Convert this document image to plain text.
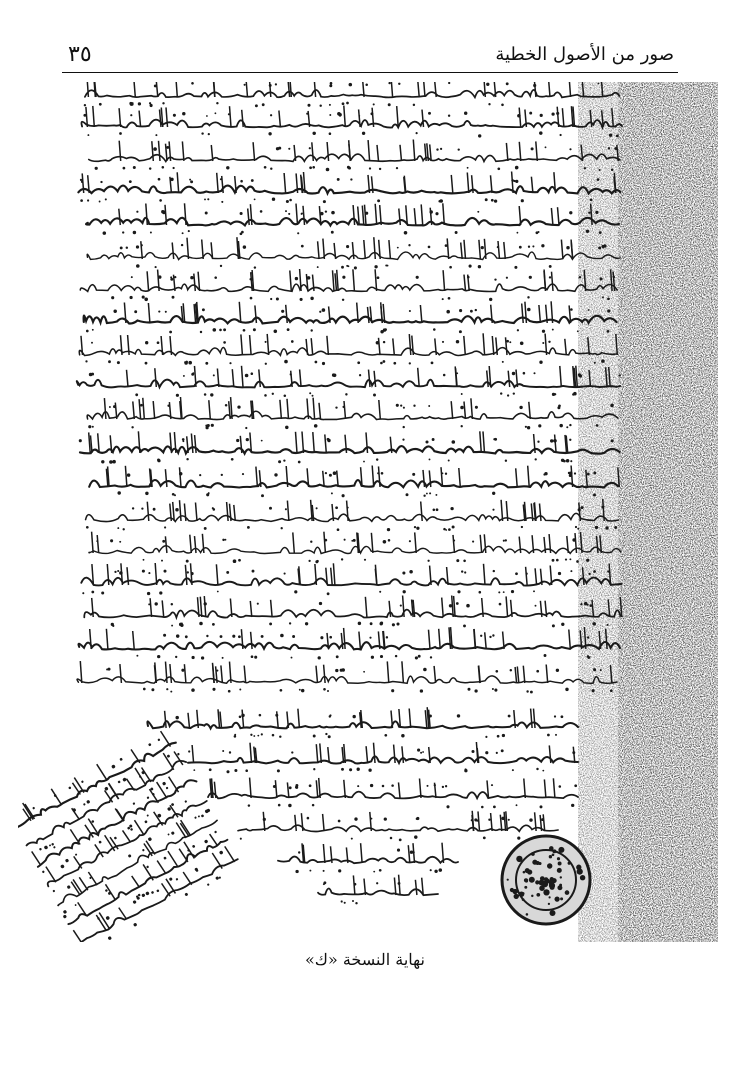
٣٥	صور من الأصول الخطية
نهاية النسخة «ك»
